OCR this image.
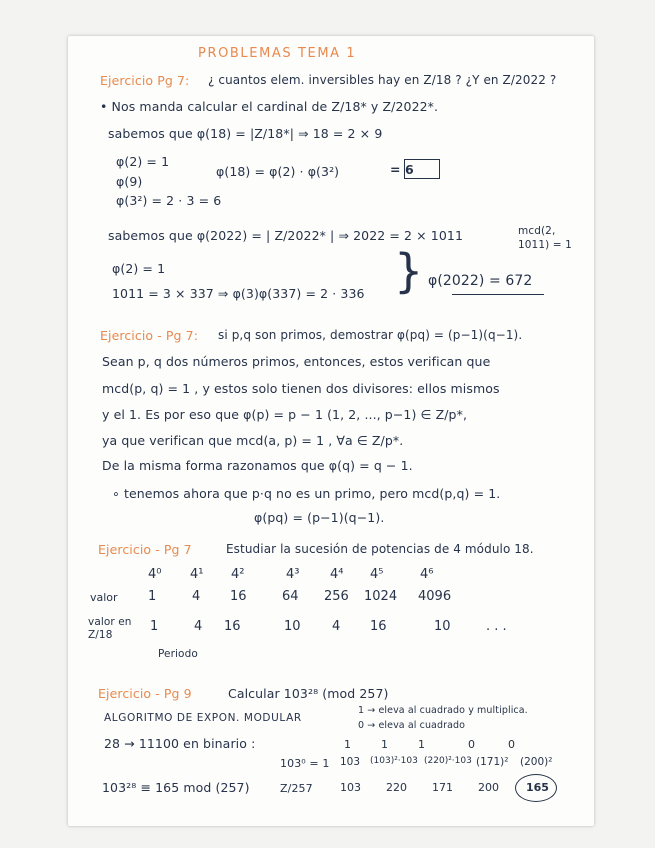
PROBLEMAS TEMA 1
Ejercicio Pg 7: ¿ cuantos elem. inversibles hay en Z/18 ? ¿Y en Z/2022 ?
• Nos manda calcular el cardinal de Z/18* y Z/2022*.
sabemos que φ(18) = |Z/18*| ⇒ 18 = 2 × 9
φ(2) = 1
φ(9)
φ(3²) = 2 · 3 = 6
φ(18) = φ(2) · φ(3²)	= 6
sabemos que φ(2022) = | Z/2022* | ⇒ 2022 = 2 × 1011	mcd(2, 1011) = 1
φ(2) = 1
1011 = 3 × 337 ⇒ φ(3)φ(337) = 2 · 336 } φ(2022) = 672
Ejercicio - Pg 7: si p,q son primos, demostrar φ(pq) = (p−1)(q−1).
Sean p, q dos números primos, entonces, estos verifican que
mcd(p, q) = 1 , y estos solo tienen dos divisores: ellos mismos
y el 1. Es por eso que φ(p) = p − 1 (1, 2, ..., p−1) ∈ Z/p*,
ya que verifican que mcd(a, p) = 1 , ∀a ∈ Z/p*.
De la misma forma razonamos que φ(q) = q − 1.
∘ tenemos ahora que p·q no es un primo, pero mcd(p,q) = 1.
φ(pq) = (p−1)(q−1).
Ejercicio - Pg 7	Estudiar la sucesión de potencias de 4 módulo 18.
4⁰ 4¹ 4²	4³ 4⁴ 4⁵	4⁶
valor 1	4 16	64 256 1024 4096
valor en Z/18
1	4 16	10 4 16	10	. . .
Periodo
Ejercicio - Pg 9	Calcular 103²⁸ (mod 257)
ALGORITMO DE EXPON. MODULAR
1 → eleva al cuadrado y multiplica.
0 → eleva al cuadrado
28 → 11100 en binario :	1	1	1	0	0
103⁰ = 1 103 (103)²·103 (220)²·103 (171)² (200)²
103²⁸ ≡ 165 mod (257)	Z/257 103 220 171 200 165
